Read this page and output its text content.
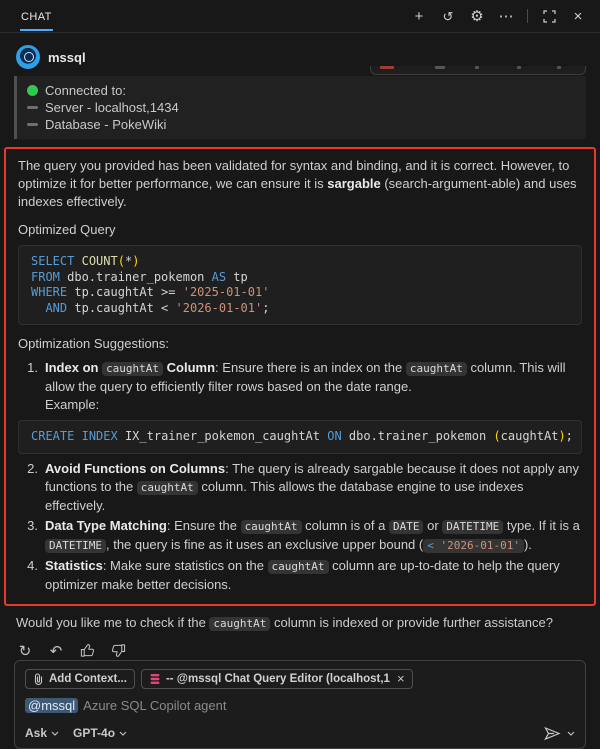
CHAT	+ ↺ ⚙ ⋯	×
mssql
Connected to:
Server - localhost,1434
Database - PokeWiki
The query you provided has been validated for syntax and binding, and it is correct. However, to optimize it for better performance, we can ensure it is sargable (search-argument-able) and uses indexes effectively.
Optimized Query
SELECT COUNT(*)
FROM dbo.trainer_pokemon AS tp
WHERE tp.caughtAt >= '2025-01-01'
AND tp.caughtAt < '2026-01-01';
Optimization Suggestions:
1. Index on caughtAt Column: Ensure there is an index on the caughtAt column. This will allow the query to efficiently filter rows based on the date range.
Example:
CREATE INDEX IX_trainer_pokemon_caughtAt ON dbo.trainer_pokemon (caughtAt);
2. Avoid Functions on Columns: The query is already sargable because it does not apply any functions to the caughtAt column. This allows the database engine to use indexes effectively.
3. Data Type Matching: Ensure the caughtAt column is of a DATE or DATETIME type. If it is a DATETIME , the query is fine as it uses an exclusive upper bound ( < '2026-01-01' ).
4. Statistics: Make sure statistics on the caughtAt column are up-to-date to help the query optimizer make better decisions.
Would you like me to check if the caughtAt column is indexed or provide further assistance?
↻ ↶
Add Context...	-- @mssql Chat Query Editor (localhost,1 ×
@mssql Azure SQL Copilot agent
Ask GPT-4o
